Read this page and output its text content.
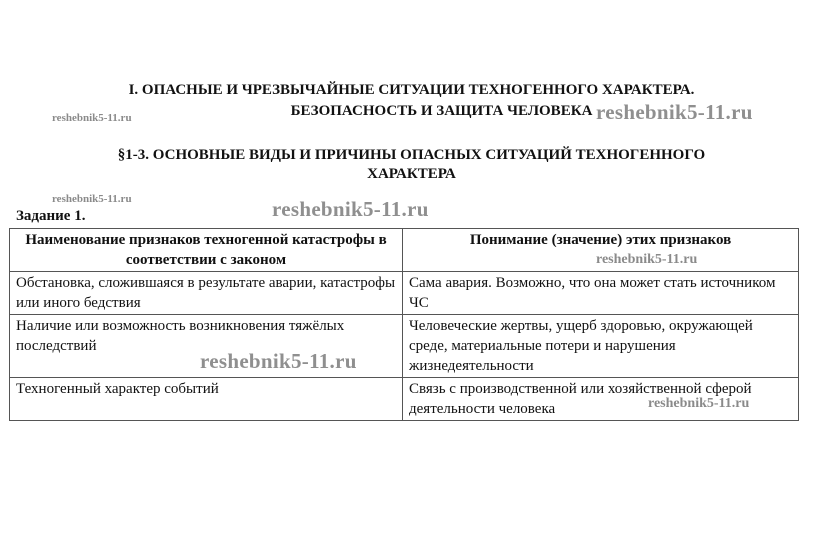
I. ОПАСНЫЕ И ЧРЕЗВЫЧАЙНЫЕ СИТУАЦИИ ТЕХНОГЕННОГО ХАРАКТЕРА.
БЕЗОПАСНОСТЬ И ЗАЩИТА ЧЕЛОВЕКА
§1-3. ОСНОВНЫЕ ВИДЫ И ПРИЧИНЫ ОПАСНЫХ СИТУАЦИЙ ТЕХНОГЕННОГО
ХАРАКТЕРА
Задание 1.
Наименование признаков техногенной катастрофы в соответствии с законом	Понимание (значение) этих признаков
Обстановка, сложившаяся в результате аварии, катастрофы или иного бедствия	Сама авария. Возможно, что она может стать источником ЧС
Наличие или возможность возникновения тяжёлых последствий	Человеческие жертвы, ущерб здоровью, окружающей среде, материальные потери и нарушения жизнедеятельности
Техногенный характер событий	Связь с производственной или хозяйственной сферой деятельности человека
reshebnik5-11.ru	reshebnik5-11.ru
reshebnik5-11.ru	reshebnik5-11.ru
reshebnik5-11.ru
reshebnik5-11.ru
reshebnik5-11.ru
